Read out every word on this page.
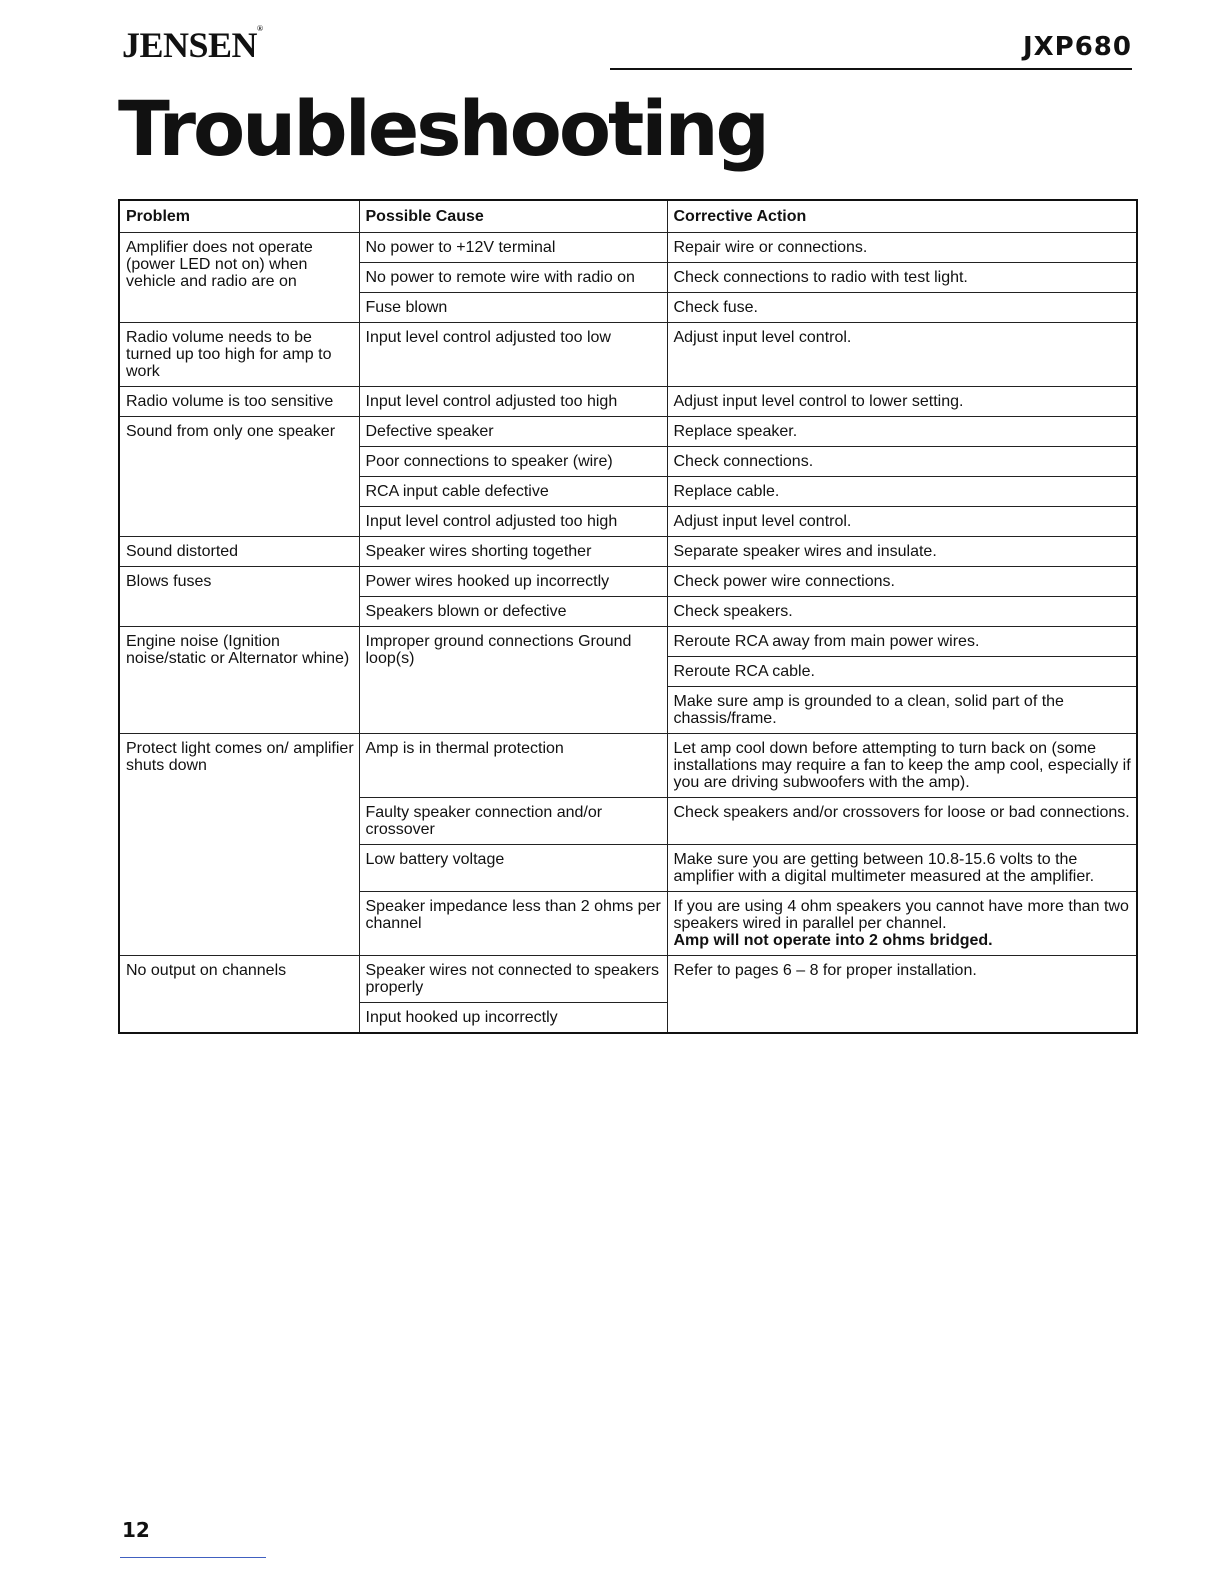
JENSEN®
JXP680
Troubleshooting
Problem	Possible Cause	Corrective Action
Amplifier does not operate (power LED not on) when vehicle and radio are on	No power to +12V terminal	Repair wire or connections.
	No power to remote wire with radio on	Check connections to radio with test light.
	Fuse blown	Check fuse.
Radio volume needs to be turned up too high for amp to work	Input level control adjusted too low	Adjust input level control.
Radio volume is too sensitive	Input level control adjusted too high	Adjust input level control to lower setting.
Sound from only one speaker	Defective speaker	Replace speaker.
	Poor connections to speaker (wire)	Check connections.
	RCA input cable defective	Replace cable.
	Input level control adjusted too high	Adjust input level control.
Sound distorted	Speaker wires shorting together	Separate speaker wires and insulate.
Blows fuses	Power wires hooked up incorrectly	Check power wire connections.
	Speakers blown or defective	Check speakers.
Engine noise (Ignition noise/static or Alternator whine)	Improper ground connections Ground loop(s)	Reroute RCA away from main power wires.
		Reroute RCA cable.
		Make sure amp is grounded to a clean, solid part of the chassis/frame.
Protect light comes on/ amplifier shuts down	Amp is in thermal protection	Let amp cool down before attempting to turn back on (some installations may require a fan to keep the amp cool, especially if you are driving subwoofers with the amp).
	Faulty speaker connection and/or crossover	Check speakers and/or crossovers for loose or bad connections.
	Low battery voltage	Make sure you are getting between 10.8-15.6 volts to the amplifier with a digital multimeter measured at the amplifier.
	Speaker impedance less than 2 ohms per channel	If you are using 4 ohm speakers you cannot have more than two speakers wired in parallel per channel.
Amp will not operate into 2 ohms bridged.

No output on channels	Speaker wires not connected to speakers properly	Refer to pages 6 – 8 for proper installation.
	Input hooked up incorrectly	
12
